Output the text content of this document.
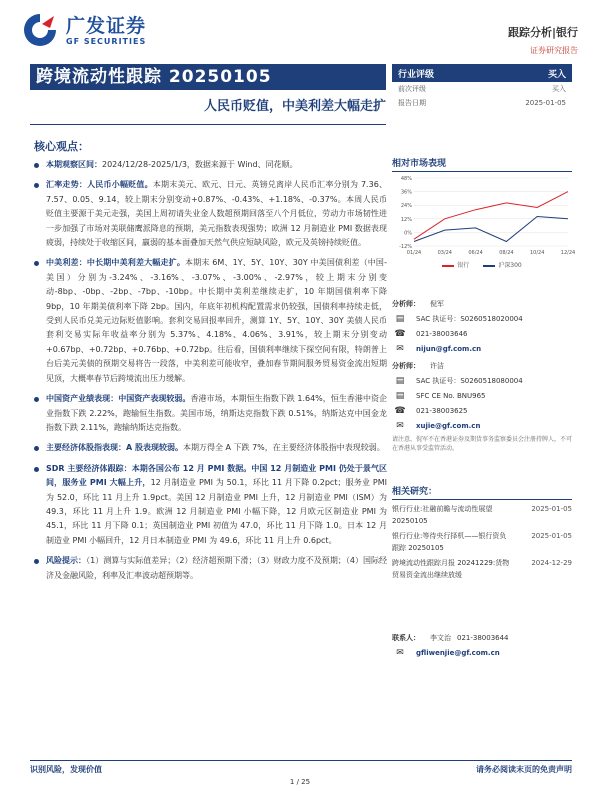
广发证券
GF SECURITIES
跟踪分析|银行
证券研究报告
跨境流动性跟踪 20250105
人民币贬值，中美利差大幅走扩
行业评级	买入
前次评级	买入
报告日期	2025-01-05
核心观点：
本期观察区间：2024/12/28-2025/1/3，数据来源于 Wind、同花顺。
汇率走势：人民币小幅贬值。本期末美元、欧元、日元、英镑兑离岸人民币汇率分别为 7.36、7.57、0.05、9.14，较上期末分别变动+0.87%、-0.43%、+1.18%、-0.37%。本周人民币贬值主要源于美元走强，美国上周初请失业金人数超预期回落至八个月低位，劳动力市场韧性进一步加强了市场对美联储鹰派降息的预期，美元指数表现强势；欧洲 12 月制造业 PMI 数据表现疲弱，持续处于收缩区间，羸弱的基本面叠加天然气供应短缺风险，欧元及英镑持续贬值。
中美利差：中长期中美利差大幅走扩。本期末 6M、1Y、5Y、10Y、30Y 中美国债利差（中国-美国）分别为-3.24%、-3.16%、-3.07%、-3.00%、-2.97%，较上期末分别变动-8bp、-0bp、-2bp、-7bp、-10bp。中长期中美利差继续走扩，10 年期国债利率下降 9bp，10 年期美债利率下降 2bp。国内，年底年初机构配置需求仍较强，国债利率持续走低，受到人民币兑美元边际贬值影响。套利交易回报率回升，测算 1Y、5Y、10Y、30Y 美债人民币套利交易实际年收益率分别为 5.37%、4.18%、4.06%、3.91%，较上期末分别变动+0.67bp、+0.72bp、+0.76bp、+0.72bp。往后看，国债利率继续下探空间有限，特朗普上台后美元美债的预期交易将告一段落，中美利差可能收窄，叠加春节期间服务贸易资金流出短期见顶，大概率春节后跨境流出压力缓解。
中国资产业绩表现：中国资产表现较弱。香港市场，本期恒生指数下跌 1.64%，恒生香港中资企业指数下跌 2.22%，跑输恒生指数。美国市场，纳斯达克指数下跌 0.51%，纳斯达克中国金龙指数下跌 2.11%，跑输纳斯达克指数。
主要经济体股指表现：A 股表现较弱。本期万得全 A 下跌 7%，在主要经济体股指中表现较弱。
SDR 主要经济体跟踪：本期各国公布 12 月 PMI 数据。中国 12 月制造业 PMI 仍处于景气区间，服务业 PMI 大幅上升，12 月制造业 PMI 为 50.1，环比 11 月下降 0.2pct；服务业 PMI 为 52.0，环比 11 月上升 1.9pct。美国 12 月制造业 PMI 上升，12 月制造业 PMI（ISM）为 49.3，环比 11 月上升 1.9。欧洲 12 月制造业 PMI 小幅下降，12 月欧元区制造业 PMI 为 45.1，环比 11 月下降 0.1；英国制造业 PMI 初值为 47.0，环比 11 月下降 1.0。日本 12 月制造业 PMI 小幅回升，12 月日本制造业 PMI 为 49.6，环比 11 月上升 0.6pct。
风险提示：（1）测算与实际值差异；（2）经济超预期下滑；（3）财政力度不及预期；（4）国际经济及金融风险，利率及汇率波动超预期等。
相对市场表现
48%
36%
24%
12%
0%
-12%
01/24	03/24	06/24	08/24	10/24	12/24
银行	沪深300
分析师：	倪军
▤	SAC 执证号：S0260518020004
☎	021-38003646
✉	nijun@gf.com.cn
分析师：	许洁
▤	SAC 执证号：S0260518080004
▤	SFC CE No. BNU965
☎	021-38003625
✉	xujie@gf.com.cn
请注意，倪军不在香港证券及期货事务监察委员会注册持牌人，不可在香港从事受监管活动。
相关研究：
银行行业:社融前瞻与流动性展望 20250105
2025-01-05
银行行业:等待央行择机——银行资负跟踪 20250105
2025-01-05
跨境流动性跟踪月报 20241229:货物贸易资金流出继续放缓
2024-12-29
联系人：	李文治 021-38003644
✉	gfliwenjie@gf.com.cn
识别风险，发现价值	请务必阅读末页的免责声明
1 / 25
